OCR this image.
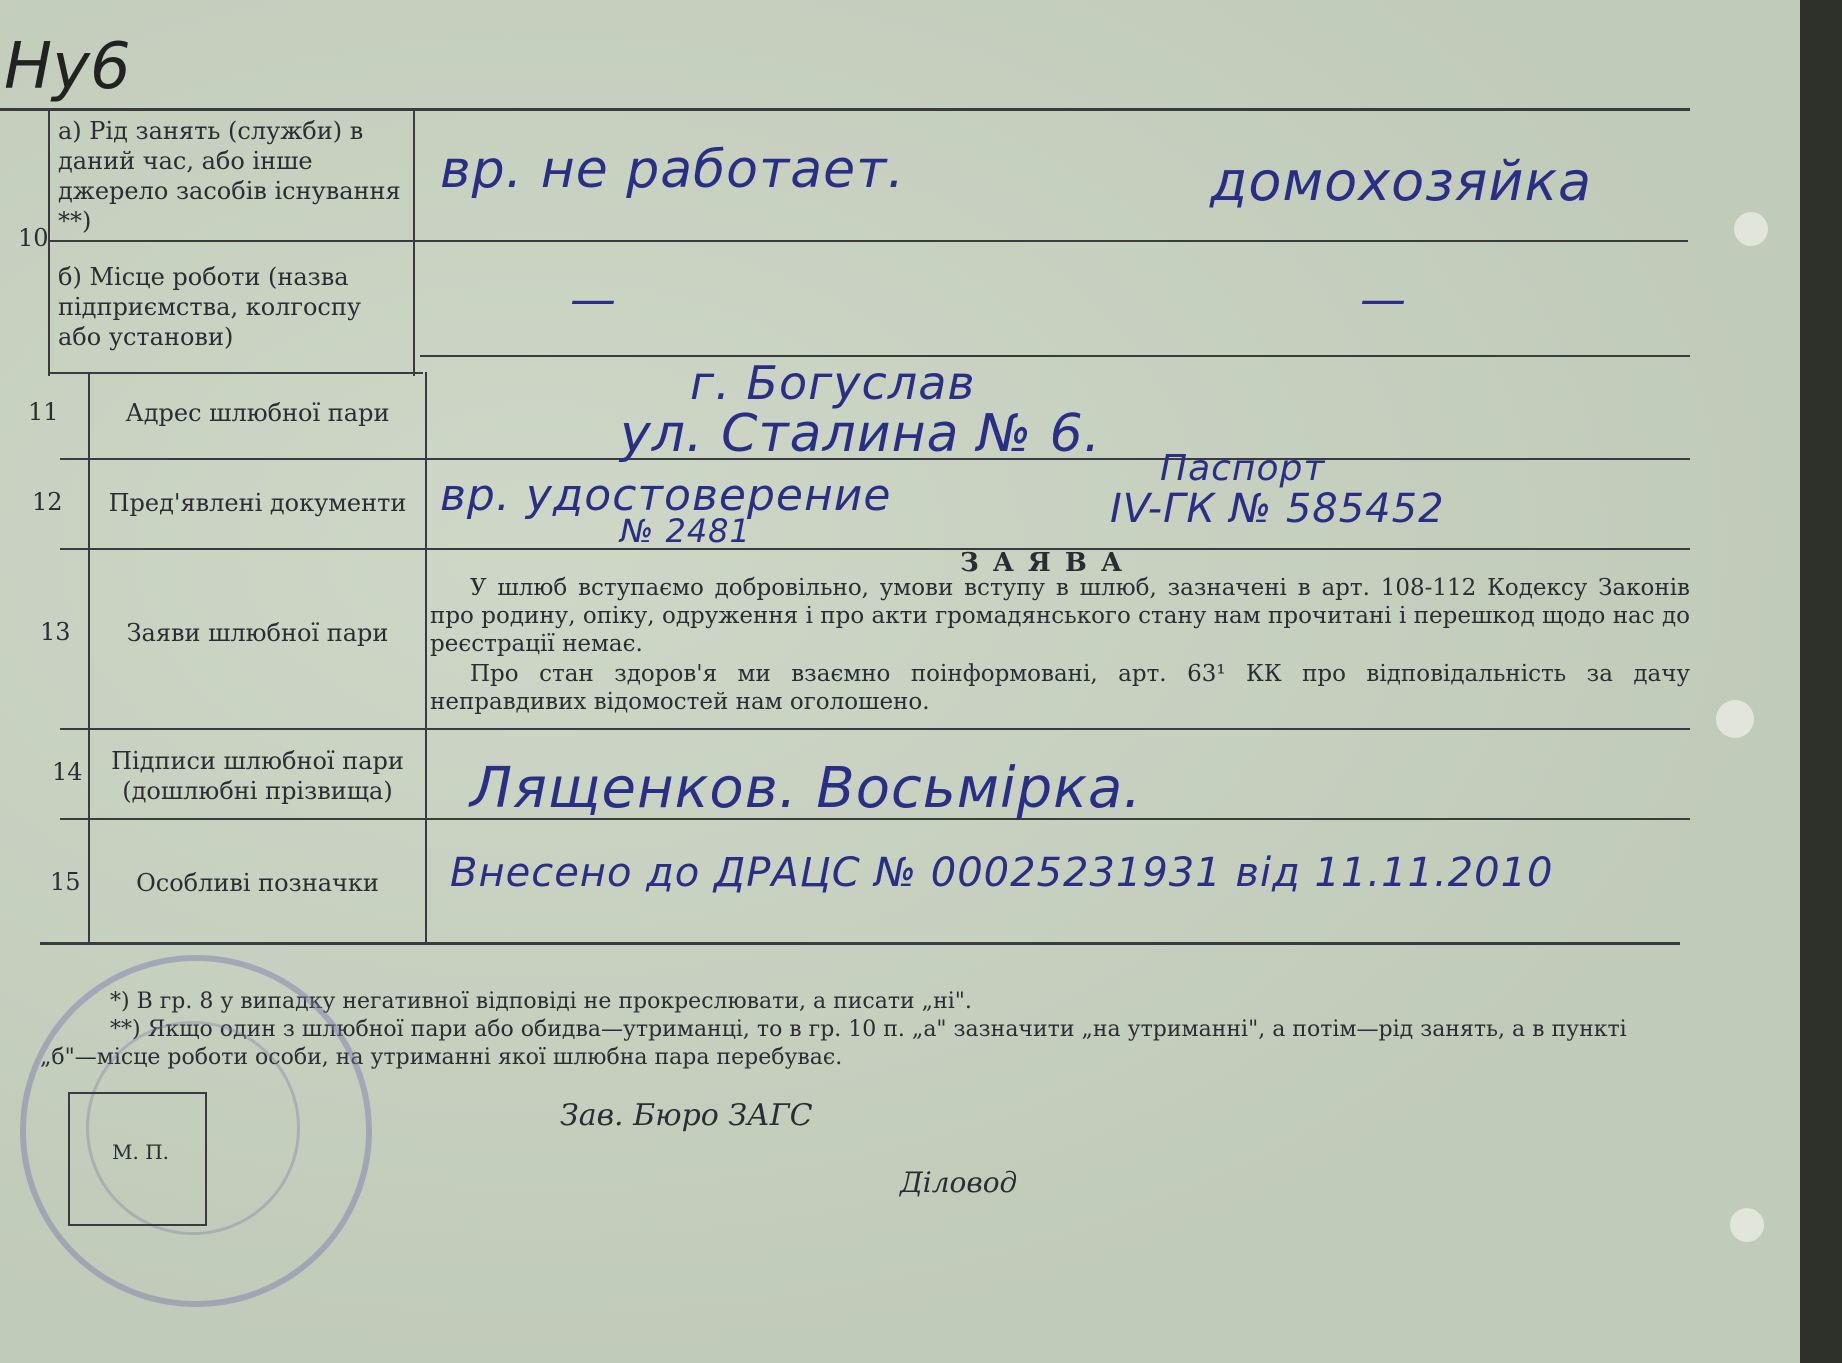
Ну6
10
а) Рід занять (служби) в даний час, або інше джерело засобів існування **)
вр. не работает.	домохозяйка
б) Місце роботи (назва підприємства, колгоспу або установи)
—	—
11	Адрес шлюбної пари
г. Богуслав
ул. Сталина № 6.
12	Пред'явлені документи вр. удостоверение
№ 2481
Паспорт
IV-ГК № 585452
13	Заяви шлюбної пари
ЗАЯВА
У шлюб вступаємо добровільно, умови вступу в шлюб, зазначені в арт. 108-112 Кодексу Законів про родину, опіку, одруження і про акти громадянського стану нам прочитані і перешкод щодо нас до реєстрації немає.
Про стан здоров'я ми взаємно поінформовані, арт. 63¹ КК про відповідальність за дачу неправдивих відомостей нам оголошено.
14	Підписи шлюбної пари (дошлюбні прізвища)	Лященков. Восьмірка.
15	Особливі позначки	Внесено до ДРАЦС № 00025231931 від 11.11.2010
*) В гр. 8 у випадку негативної відповіді не прокреслювати, а писати „ні".
**) Якщо один з шлюбної пари або обидва—утриманці, то в гр. 10 п. „а" зазначити „на утриманні", а потім—рід занять, а в пункті „б"—місце роботи особи, на утриманні якої шлюбна пара перебуває.
Зав. Бюро ЗАГС
Діловод
М. П.
